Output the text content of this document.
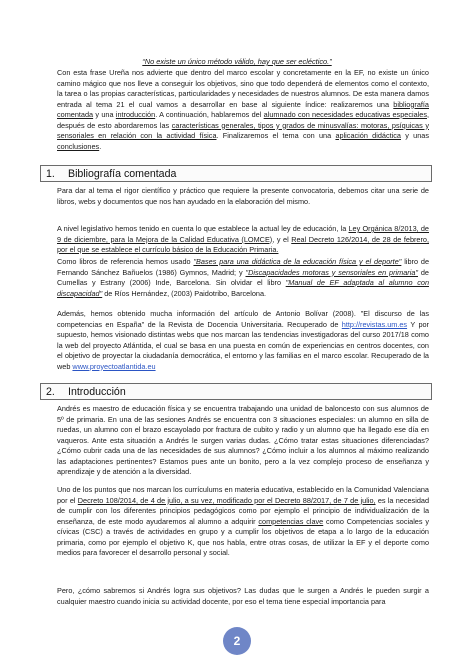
“No existe un único método válido, hay que ser ecléctico.”

Con esta frase Ureña nos advierte que dentro del marco escolar y concretamente en la EF, no existe un único camino mágico que nos lleve a conseguir los objetivos, sino que todo dependerá de elementos como el contexto, la tarea o las propias características, particularidades y necesidades de nuestros alumnos. De esta manera damos entrada al tema 21 el cual vamos a desarrollar en base al siguiente índice: realizaremos una bibliografía comentada y una introducción. A continuación, hablaremos del alumnado con necesidades educativas especiales, después de esto abordaremos las características generales, tipos y grados de minusvalías: motoras, psíquicas y sensoriales en relación con la actividad física. Finalizaremos el tema con una aplicación didáctica y unas conclusiones.

1. Bibliografía comentada

Para dar al tema el rigor científico y práctico que requiere la presente convocatoria, debemos citar una serie de libros, webs y documentos que nos han ayudado en la elaboración del mismo.

A nivel legislativo hemos tenido en cuenta lo que establece la actual ley de educación, la Ley Orgánica 8/2013, de 9 de diciembre, para la Mejora de la Calidad Educativa (LOMCE), y el Real Decreto 126/2014, de 28 de febrero, por el que se establece el currículo básico de la Educación Primaria.

Como libros de referencia hemos usado "Bases para una didáctica de la educación física y el deporte" libro de Fernando Sánchez Bañuelos (1986) Gymnos, Madrid; y "Discapacidades motoras y sensoriales en primaria" de Cumellas y Estrany (2006) Inde, Barcelona. Sin olvidar el libro "Manual de EF adaptada al alumno con discapacidad" de Ríos Hernández, (2003) Paidotribo, Barcelona.

Además, hemos obtenido mucha información del artículo de Antonio Bolívar (2008). "El discurso de las competencias en España" de la Revista de Docencia Universitaria. Recuperado de http://revistas.um.es Y por supuesto, hemos visionado distintas webs que nos marcan las tendencias investigadoras del curso 2017/18 como la web del proyecto Atlántida, el cual se basa en una puesta en común de experiencias en centros docentes, con el objetivo de proyectar la ciudadanía democrática, el entorno y las familias en el marco escolar. Recuperado de la web www.proyectoatlantida.eu

2. Introducción

Andrés es maestro de educación física y se encuentra trabajando una unidad de baloncesto con sus alumnos de 5º de primaria. En una de las sesiones Andrés se encuentra con 3 situaciones especiales: un alumno en silla de ruedas, un alumno con el brazo escayolado por fractura de cubito y radio y un alumno que ha llegado ese día en vaqueros. Ante esta situación a Andrés le surgen varias dudas. ¿Cómo tratar estas situaciones diferenciadas? ¿Cómo cubrir cada una de las necesidades de sus alumnos? ¿Cómo incluir a los alumnos al máximo realizando las adaptaciones pertinentes? Estamos pues ante un bonito, pero a la vez complejo proceso de enseñanza y aprendizaje y de atención a la diversidad.

Uno de los puntos que nos marcan los currículums en materia educativa, establecido en la Comunidad Valenciana por el Decreto 108/2014, de 4 de julio, a su vez, modificado por el Decreto 88/2017, de 7 de julio, es la necesidad de cumplir con los diferentes principios pedagógicos como por ejemplo el principio de individualización de la enseñanza, de este modo ayudaremos al alumno a adquirir competencias clave como Competencias sociales y cívicas (CSC) a través de actividades en grupo y a cumplir los objetivos de etapa a lo largo de la educación primaria, como por ejemplo el objetivo K, que nos habla, entre otras cosas, de utilizar la EF y el deporte como medios para favorecer el desarrollo personal y social.

Pero, ¿cómo sabremos si Andrés logra sus objetivos? Las dudas que le surgen a Andrés le pueden surgir a cualquier maestro cuando inicia su actividad docente, por eso el tema tiene especial importancia para

2
